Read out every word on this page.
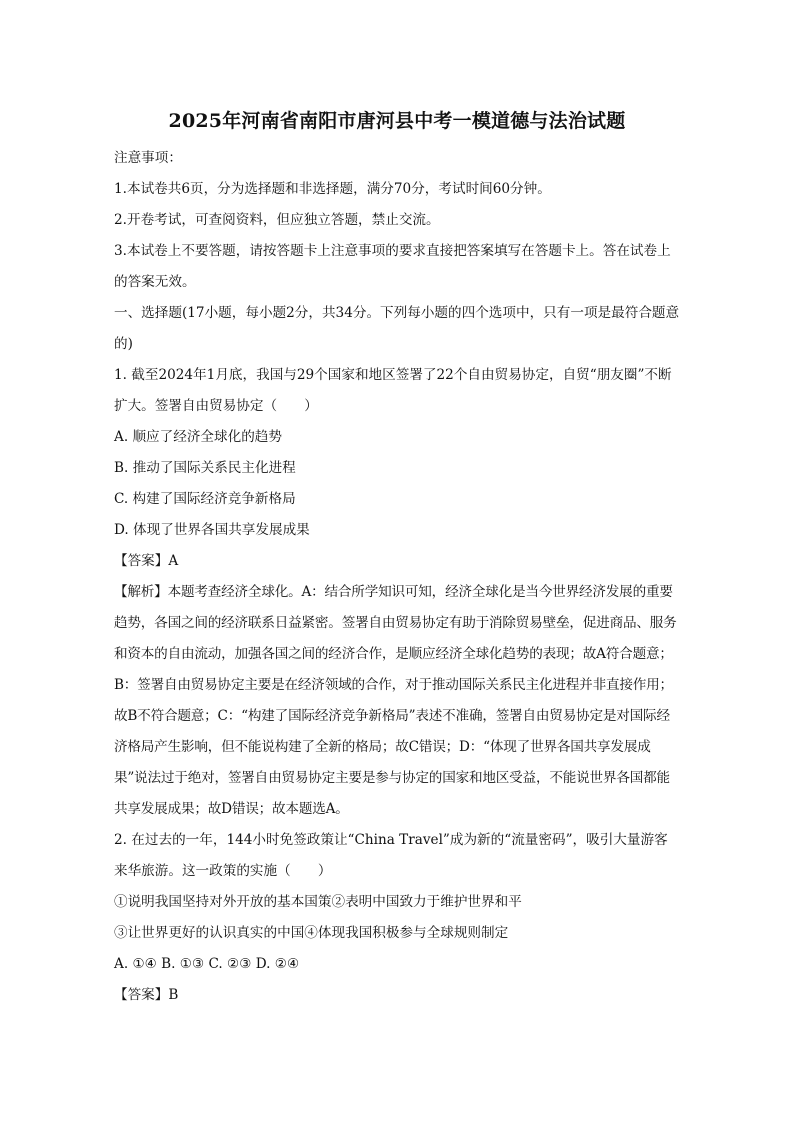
2025年河南省南阳市唐河县中考一模道德与法治试题

注意事项：

1.本试卷共6页，分为选择题和非选择题，满分70分，考试时间60分钟。

2.开卷考试，可查阅资料，但应独立答题，禁止交流。

3.本试卷上不要答题，请按答题卡上注意事项的要求直接把答案填写在答题卡上。答在试卷上的答案无效。

一、选择题(17小题，每小题2分，共34分。下列每小题的四个选项中，只有一项是最符合题意的)

1. 截至2024年1月底，我国与29个国家和地区签署了22个自由贸易协定，自贸“朋友圈”不断扩大。签署自由贸易协定（　　）

A. 顺应了经济全球化的趋势

B. 推动了国际关系民主化进程

C. 构建了国际经济竞争新格局

D. 体现了世界各国共享发展成果

【答案】A

【解析】本题考查经济全球化。A：结合所学知识可知，经济全球化是当今世界经济发展的重要趋势，各国之间的经济联系日益紧密。签署自由贸易协定有助于消除贸易壁垒，促进商品、服务和资本的自由流动，加强各国之间的经济合作，是顺应经济全球化趋势的表现；故A符合题意；B：签署自由贸易协定主要是在经济领域的合作，对于推动国际关系民主化进程并非直接作用；故B不符合题意；C：“构建了国际经济竞争新格局”表述不准确，签署自由贸易协定是对国际经济格局产生影响，但不能说构建了全新的格局；故C错误；D：“体现了世界各国共享发展成果”说法过于绝对，签署自由贸易协定主要是参与协定的国家和地区受益，不能说世界各国都能共享发展成果；故D错误；故本题选A。

2. 在过去的一年，144小时免签政策让“China Travel”成为新的“流量密码”，吸引大量游客来华旅游。这一政策的实施（　　）

①说明我国坚持对外开放的基本国策②表明中国致力于维护世界和平

③让世界更好的认识真实的中国④体现我国积极参与全球规则制定

A. ①④ B. ①③ C. ②③ D. ②④

【答案】B
